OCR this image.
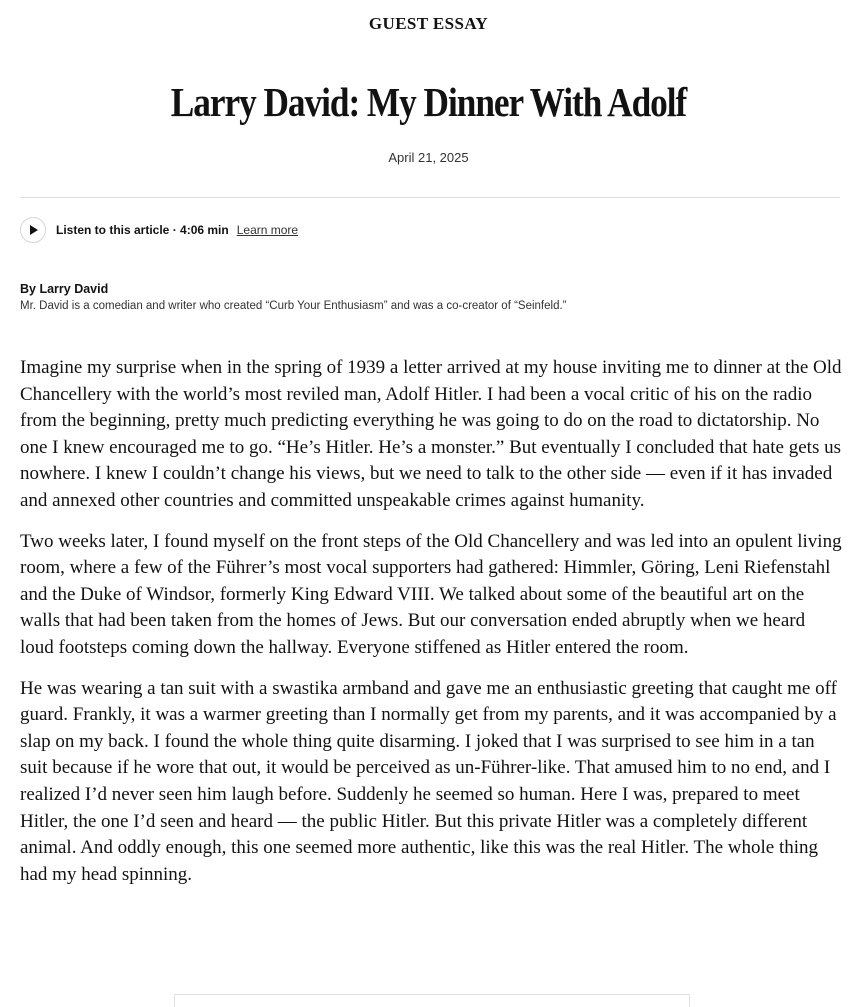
GUEST ESSAY
Larry David: My Dinner With Adolf
April 21, 2025
Listen to this article · 4:06 min Learn more
By Larry David
Mr. David is a comedian and writer who created “Curb Your Enthusiasm” and was a co-creator of “Seinfeld.”

Imagine my surprise when in the spring of 1939 a letter arrived at my house inviting me to dinner at the Old Chancellery with the world’s most reviled man, Adolf Hitler. I had been a vocal critic of his on the radio from the beginning, pretty much predicting everything he was going to do on the road to dictatorship. No one I knew encouraged me to go. “He’s Hitler. He’s a monster.” But eventually I concluded that hate gets us nowhere. I knew I couldn’t change his views, but we need to talk to the other side — even if it has invaded and annexed other countries and committed unspeakable crimes against humanity.

Two weeks later, I found myself on the front steps of the Old Chancellery and was led into an opulent living room, where a few of the Führer’s most vocal supporters had gathered: Himmler, Göring, Leni Riefenstahl and the Duke of Windsor, formerly King Edward VIII. We talked about some of the beautiful art on the walls that had been taken from the homes of Jews. But our conversation ended abruptly when we heard loud footsteps coming down the hallway. Everyone stiffened as Hitler entered the room.

He was wearing a tan suit with a swastika armband and gave me an enthusiastic greeting that caught me off guard. Frankly, it was a warmer greeting than I normally get from my parents, and it was accompanied by a slap on my back. I found the whole thing quite disarming. I joked that I was surprised to see him in a tan suit because if he wore that out, it would be perceived as un-Führer-like. That amused him to no end, and I realized I’d never seen him laugh before. Suddenly he seemed so human. Here I was, prepared to meet Hitler, the one I’d seen and heard — the public Hitler. But this private Hitler was a completely different animal. And oddly enough, this one seemed more authentic, like this was the real Hitler. The whole thing had my head spinning.
